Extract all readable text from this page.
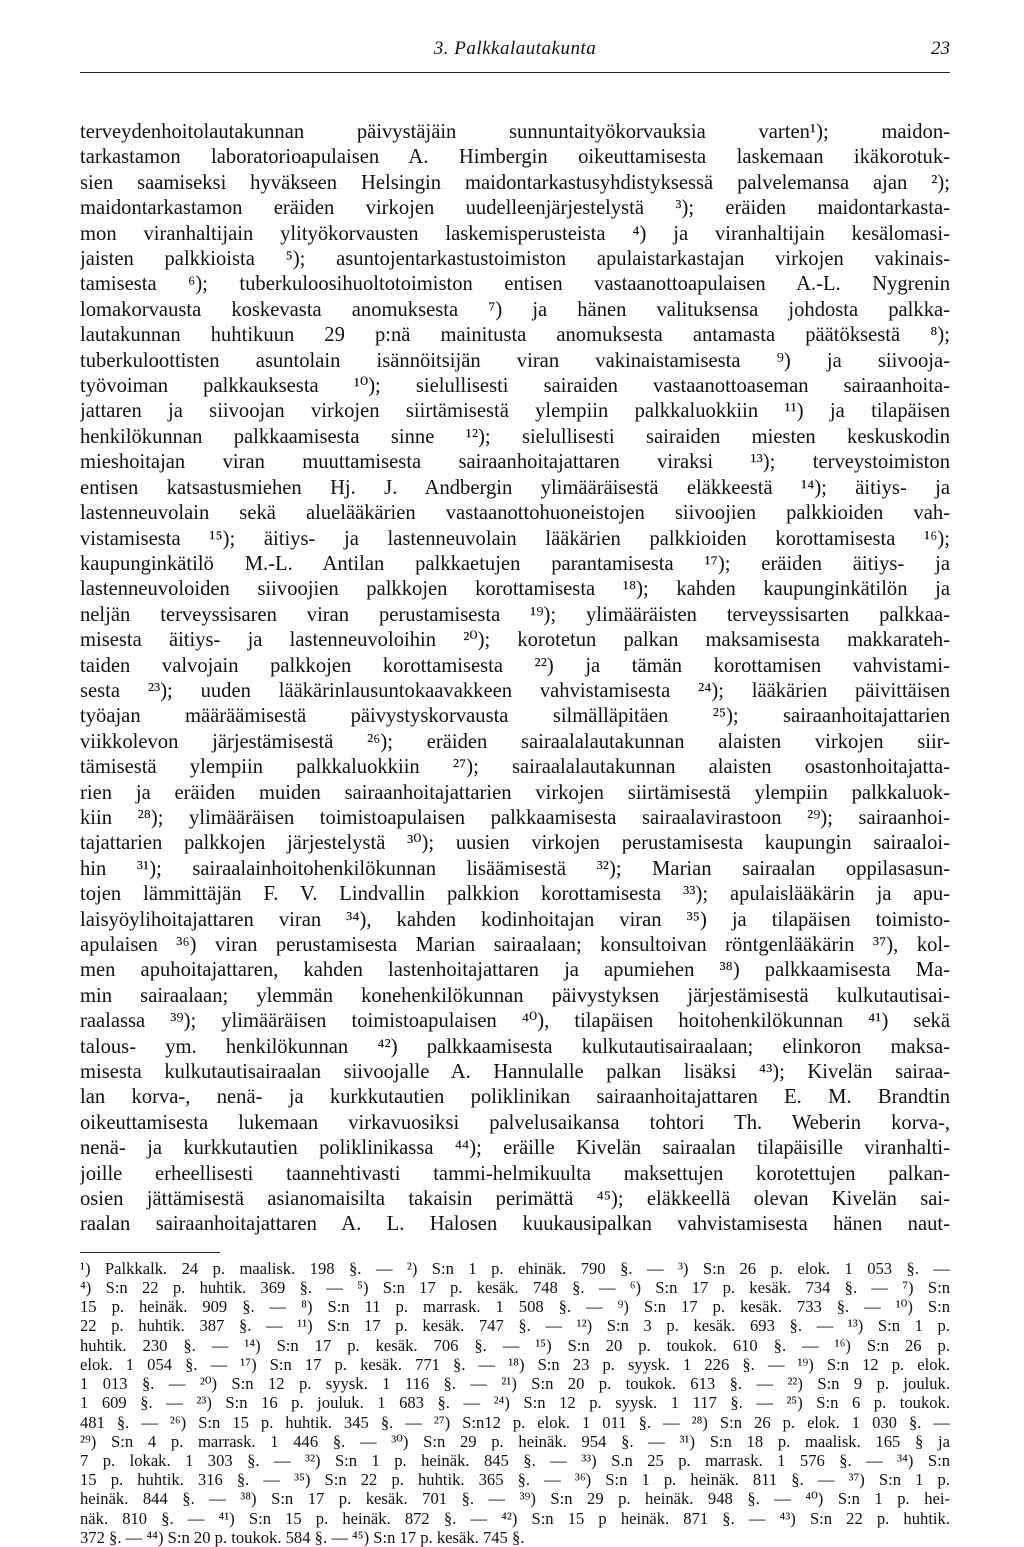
3. Palkkalautakunta	23
terveydenhoitolautakunnan päivystäjäin sunnuntaityökorvauksia varten¹); maidon-
tarkastamon laboratorioapulaisen A. Himbergin oikeuttamisesta laskemaan ikäkorotuk-
sien saamiseksi hyväkseen Helsingin maidontarkastusyhdistyksessä palvelemansa ajan ²);
maidontarkastamon eräiden virkojen uudelleenjärjestelystä ³); eräiden maidontarkasta-
mon viranhaltijain ylityökorvausten laskemisperusteista ⁴) ja viranhaltijain kesälomasi-
jaisten palkkioista ⁵); asuntojentarkastustoimiston apulaistarkastajan virkojen vakinais-
tamisesta ⁶); tuberkuloosihuoltotoimiston entisen vastaanottoapulaisen A.-L. Nygrenin
lomakorvausta koskevasta anomuksesta ⁷) ja hänen valituksensa johdosta palkka-
lautakunnan huhtikuun 29 p:nä mainitusta anomuksesta antamasta päätöksestä ⁸);
tuberkuloottisten asuntolain isännöitsijän viran vakinaistamisesta ⁹) ja siivooja-
työvoiman palkkauksesta ¹⁰); sielullisesti sairaiden vastaanottoaseman sairaanhoita-
jattaren ja siivoojan virkojen siirtämisestä ylempiin palkkaluokkiin ¹¹) ja tilapäisen
henkilökunnan palkkaamisesta sinne ¹²); sielullisesti sairaiden miesten keskuskodin
mieshoitajan viran muuttamisesta sairaanhoitajattaren viraksi ¹³); terveystoimiston
entisen katsastusmiehen Hj. J. Andbergin ylimääräisestä eläkkeestä ¹⁴); äitiys- ja
lastenneuvolain sekä aluelääkärien vastaanottohuoneistojen siivoojien palkkioiden vah-
vistamisesta ¹⁵); äitiys- ja lastenneuvolain lääkärien palkkioiden korottamisesta ¹⁶);
kaupunginkätilö M.-L. Antilan palkkaetujen parantamisesta ¹⁷); eräiden äitiys- ja
lastenneuvoloiden siivoojien palkkojen korottamisesta ¹⁸); kahden kaupunginkätilön ja
neljän terveyssisaren viran perustamisesta ¹⁹); ylimääräisten terveyssisarten palkkaa-
misesta äitiys- ja lastenneuvoloihin ²⁰); korotetun palkan maksamisesta makkarateh-
taiden valvojain palkkojen korottamisesta ²²) ja tämän korottamisen vahvistami-
sesta ²³); uuden lääkärinlausuntokaavakkeen vahvistamisesta ²⁴); lääkärien päivittäisen
työajan määräämisestä päivystyskorvausta silmälläpitäen ²⁵); sairaanhoitajattarien
viikkolevon järjestämisestä ²⁶); eräiden sairaalalautakunnan alaisten virkojen siir-
tämisestä ylempiin palkkaluokkiin ²⁷); sairaalalautakunnan alaisten osastonhoitajatta-
rien ja eräiden muiden sairaanhoitajattarien virkojen siirtämisestä ylempiin palkkaluok-
kiin ²⁸); ylimääräisen toimistoapulaisen palkkaamisesta sairaalavirastoon ²⁹); sairaanhoi-
tajattarien palkkojen järjestelystä ³⁰); uusien virkojen perustamisesta kaupungin sairaaloi-
hin ³¹); sairaalainhoitohenkilökunnan lisäämisestä ³²); Marian sairaalan oppilasasun-
tojen lämmittäjän F. V. Lindvallin palkkion korottamisesta ³³); apulaislääkärin ja apu-
laisyöylihoitajattaren viran ³⁴), kahden kodinhoitajan viran ³⁵) ja tilapäisen toimisto-
apulaisen ³⁶) viran perustamisesta Marian sairaalaan; konsultoivan röntgenlääkärin ³⁷), kol-
men apuhoitajattaren, kahden lastenhoitajattaren ja apumiehen ³⁸) palkkaamisesta Ma-
min sairaalaan; ylemmän konehenkilökunnan päivystyksen järjestämisestä kulkutautisai-
raalassa ³⁹); ylimääräisen toimistoapulaisen ⁴⁰), tilapäisen hoitohenkilökunnan ⁴¹) sekä
talous- ym. henkilökunnan ⁴²) palkkaamisesta kulkutautisairaalaan; elinkoron maksa-
misesta kulkutautisairaalan siivoojalle A. Hannulalle palkan lisäksi ⁴³); Kivelän sairaa-
lan korva-, nenä- ja kurkkutautien poliklinikan sairaanhoitajattaren E. M. Brandtin
oikeuttamisesta lukemaan virkavuosiksi palvelusaikansa tohtori Th. Weberin korva-,
nenä- ja kurkkutautien poliklinikassa ⁴⁴); eräille Kivelän sairaalan tilapäisille viranhalti-
joille erheellisesti taannehtivasti tammi-helmikuulta maksettujen korotettujen palkan-
osien jättämisestä asianomaisilta takaisin perimättä ⁴⁵); eläkkeellä olevan Kivelän sai-
raalan sairaanhoitajattaren A. L. Halosen kuukausipalkan vahvistamisesta hänen naut-
¹) Palkkalk. 24 p. maalisk. 198 §. — ²) S:n 1 p. ehinäk. 790 §. — ³) S:n 26 p. elok. 1 053 §. —
⁴) S:n 22 p. huhtik. 369 §. — ⁵) S:n 17 p. kesäk. 748 §. — ⁶) S:n 17 p. kesäk. 734 §. — ⁷) S:n
15 p. heinäk. 909 §. — ⁸) S:n 11 p. marrask. 1 508 §. — ⁹) S:n 17 p. kesäk. 733 §. — ¹⁰) S:n
22 p. huhtik. 387 §. — ¹¹) S:n 17 p. kesäk. 747 §. — ¹²) S:n 3 p. kesäk. 693 §. — ¹³) S:n 1 p.
huhtik. 230 §. — ¹⁴) S:n 17 p. kesäk. 706 §. — ¹⁵) S:n 20 p. toukok. 610 §. — ¹⁶) S:n 26 p.
elok. 1 054 §. — ¹⁷) S:n 17 p. kesäk. 771 §. — ¹⁸) S:n 23 p. syysk. 1 226 §. — ¹⁹) S:n 12 p. elok.
1 013 §. — ²⁰) S:n 12 p. syysk. 1 116 §. — ²¹) S:n 20 p. toukok. 613 §. — ²²) S:n 9 p. jouluk.
1 609 §. — ²³) S:n 16 p. jouluk. 1 683 §. — ²⁴) S:n 12 p. syysk. 1 117 §. — ²⁵) S:n 6 p. toukok.
481 §. — ²⁶) S:n 15 p. huhtik. 345 §. — ²⁷) S:n12 p. elok. 1 011 §. — ²⁸) S:n 26 p. elok. 1 030 §. —
²⁹) S:n 4 p. marrask. 1 446 §. — ³⁰) S:n 29 p. heinäk. 954 §. — ³¹) S:n 18 p. maalisk. 165 § ja
7 p. lokak. 1 303 §. — ³²) S:n 1 p. heinäk. 845 §. — ³³) S.n 25 p. marrask. 1 576 §. — ³⁴) S:n
15 p. huhtik. 316 §. — ³⁵) S:n 22 p. huhtik. 365 §. — ³⁶) S:n 1 p. heinäk. 811 §. — ³⁷) S:n 1 p.
heinäk. 844 §. — ³⁸) S:n 17 p. kesäk. 701 §. — ³⁹) S:n 29 p. heinäk. 948 §. — ⁴⁰) S:n 1 p. hei-
näk. 810 §. — ⁴¹) S:n 15 p. heinäk. 872 §. — ⁴²) S:n 15 p heinäk. 871 §. — ⁴³) S:n 22 p. huhtik.
372 §. — ⁴⁴) S:n 20 p. toukok. 584 §. — ⁴⁵) S:n 17 p. kesäk. 745 §.
